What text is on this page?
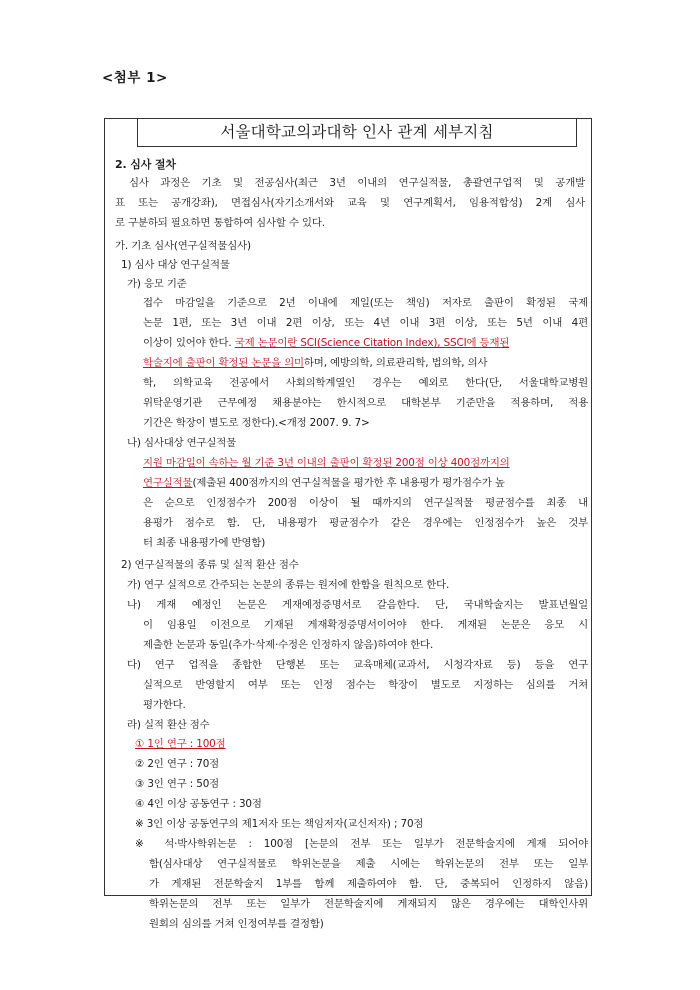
<첨부 1>
서울대학교의과대학 인사 관계 세부지침
2. 심사 절차
심사 과정은 기초 및 전공심사(최근 3년 이내의 연구실적물, 총괄연구업적 및 공개발
표 또는 공개강좌), 면접심사(자기소개서와 교육 및 연구계획서, 임용적합성) 2계 심사
로 구분하되 필요하면 통합하여 심사할 수 있다.
가. 기초 심사(연구실적물심사)
1) 심사 대상 연구실적물
가) 응모 기준
접수 마감일을 기준으로 2년 이내에 제일(또는 책임) 저자로 출판이 확정된 국제
논문 1편, 또는 3년 이내 2편 이상, 또는 4년 이내 3편 이상, 또는 5년 이내 4편
이상이 있어야 한다. 국제 논문이란 SCI(Science Citation Index), SSCI에 등재된
학술지에 출판이 확정된 논문을 의미하며, 예방의학, 의료관리학, 법의학, 의사
학, 의학교육 전공에서 사회의학계열인 경우는 예외로 한다(단, 서울대학교병원
위탁운영기관 근무예정 채용분야는 한시적으로 대학본부 기준만을 적용하며, 적용
기간은 학장이 별도로 정한다).<개정 2007. 9. 7>
나) 심사대상 연구실적물
지원 마감일이 속하는 월 기준 3년 이내의 출판이 확정된 200점 이상 400점까지의
연구실적물(제출된 400점까지의 연구실적물을 평가한 후 내용평가 평가점수가 높
은 순으로 인정점수가 200점 이상이 될 때까지의 연구실적물 평균점수를 최종 내
용평가 점수로 함. 단, 내용평가 평균점수가 같은 경우에는 인정점수가 높은 것부
터 최종 내용평가에 반영함)
2) 연구실적물의 종류 및 실적 환산 점수
가) 연구 실적으로 간주되는 논문의 종류는 원저에 한함을 원칙으로 한다.
나) 게재 예정인 논문은 게재예정증명서로 갈음한다. 단, 국내학술지는 발표년월일
이 임용일 이전으로 기재된 게재확정증명서이어야 한다. 게재된 논문은 응모 시
제출한 논문과 동일(추가·삭제·수정은 인정하지 않음)하여야 한다.
다) 연구 업적을 종합한 단행본 또는 교육매체(교과서, 시청각자료 등) 등을 연구
실적으로 반영할지 여부 또는 인정 점수는 학장이 별도로 지정하는 심의를 거쳐
평가한다.
라) 실적 환산 점수
① 1인 연구 : 100점
② 2인 연구 : 70점
③ 3인 연구 : 50점
④ 4인 이상 공동연구 : 30점
※ 3인 이상 공동연구의 제1저자 또는 책임저자(교신저자) ; 70점
※ 석·박사학위논문 : 100점 [논문의 전부 또는 일부가 전문학술지에 게재 되어야
함(심사대상 연구실적물로 학위논문을 제출 시에는 학위논문의 전부 또는 일부
가 게재된 전문학술지 1부를 함께 제출하여야 함. 단, 중복되어 인정하지 않음)
학위논문의 전부 또는 일부가 전문학술지에 게재되지 않은 경우에는 대학인사위
원회의 심의를 거쳐 인정여부를 결정함)
